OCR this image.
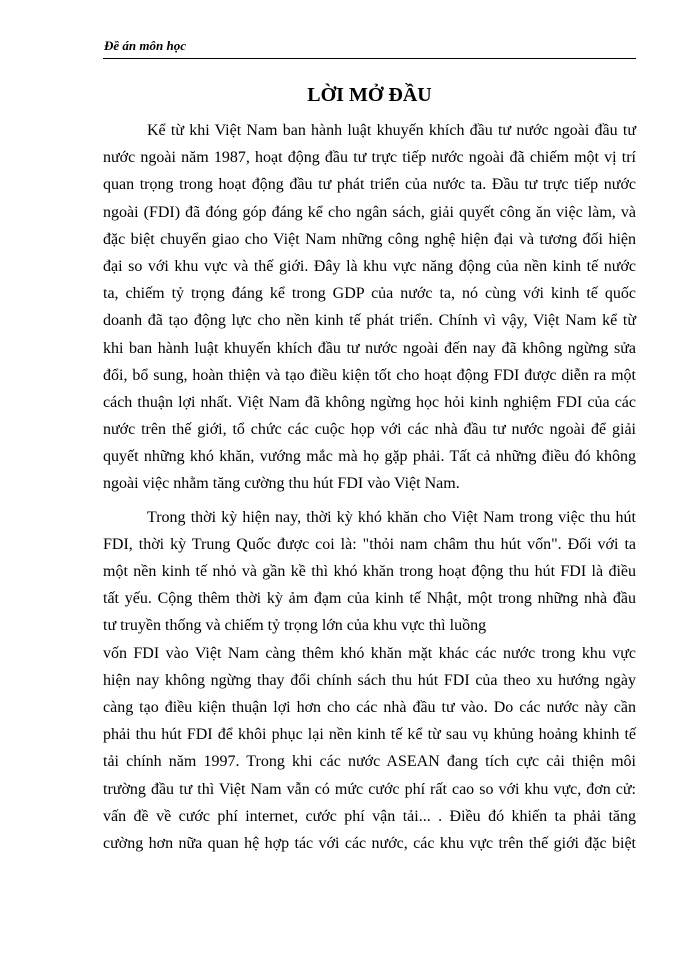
Đề án môn học
LỜI MỞ ĐẦU
Kể từ khi Việt Nam ban hành luật khuyến khích đầu tư nước ngoài đầu tư
nước ngoài năm 1987, hoạt động đầu tư trực tiếp nước ngoài đã chiếm một vị trí
quan trọng trong hoạt động đầu tư phát triển của nước ta. Đầu tư trực tiếp nước
ngoài (FDI) đã đóng góp đáng kể cho ngân sách, giải quyết công ăn việc làm, và
đặc biệt chuyển giao cho Việt Nam những công nghệ hiện đại và tương đối hiện
đại so với khu vực và thế giới. Đây là khu vực năng động của nền kinh tế nước
ta, chiếm tỷ trọng đáng kể trong GDP của nước ta, nó cùng với kinh tế quốc
doanh đã tạo động lực cho nền kinh tế phát triển. Chính vì vậy, Việt Nam kể từ
khi ban hành luật khuyến khích đầu tư nước ngoài đến nay đã không ngừng sửa
đổi, bổ sung, hoàn thiện và tạo điều kiện tốt cho hoạt động FDI được diễn ra một
cách thuận lợi nhất. Việt Nam đã không ngừng học hỏi kinh nghiệm FDI của các
nước trên thế giới, tổ chức các cuộc họp với các nhà đầu tư nước ngoài để giải
quyết những khó khăn, vướng mắc mà họ gặp phải. Tất cả những điều đó không
ngoài việc nhằm tăng cường thu hút FDI vào Việt Nam.
Trong thời kỳ hiện nay, thời kỳ khó khăn cho Việt Nam trong việc thu hút
FDI, thời kỳ Trung Quốc được coi là: "thỏi nam châm thu hút vốn". Đối với ta
một nền kinh tế nhỏ và gần kề thì khó khăn trong hoạt động thu hút FDI là điều
tất yếu. Cộng thêm thời kỳ ảm đạm của kinh tế Nhật, một trong những nhà đầu
tư truyền thống và chiếm tỷ trọng lớn của khu vực thì luồng
vốn FDI vào Việt Nam càng thêm khó khăn mặt khác các nước trong khu vực
hiện nay không ngừng thay đổi chính sách thu hút FDI của theo xu hướng ngày
càng tạo điều kiện thuận lợi hơn cho các nhà đầu tư vào. Do các nước này cần
phải thu hút FDI để khôi phục lại nền kinh tế kể từ sau vụ khủng hoảng khinh tế
tải chính năm 1997. Trong khi các nước ASEAN đang tích cực cải thiện môi
trường đầu tư thì Việt Nam vẫn có mức cước phí rất cao so với khu vực, đơn cử:
vấn đề về cước phí internet, cước phí vận tải... . Điều đó khiến ta phải tăng
cường hơn nữa quan hệ hợp tác với các nước, các khu vực trên thế giới đặc biệt
